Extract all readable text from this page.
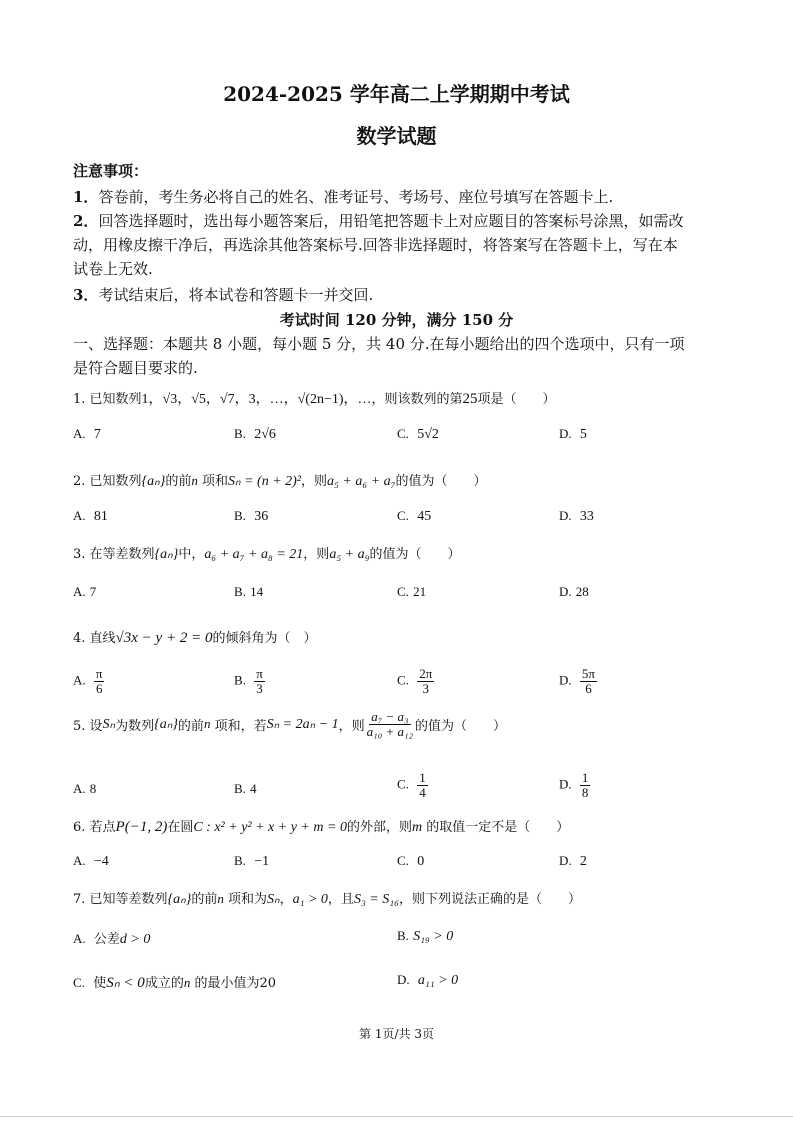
2024-2025 学年高二上学期期中考试
数学试题
注意事项：
1．答卷前，考生务必将自己的姓名、准考证号、考场号、座位号填写在答题卡上.
2．回答选择题时，选出每小题答案后，用铅笔把答题卡上对应题目的答案标号涂黑，如需改
动，用橡皮擦干净后，再选涂其他答案标号.回答非选择题时，将答案写在答题卡上，写在本
试卷上无效.
3．考试结束后，将本试卷和答题卡一并交回.
考试时间 120 分钟，满分 150 分
一、选择题：本题共 8 小题，每小题 5 分，共 40 分.在每小题给出的四个选项中，只有一项
是符合题目要求的.
1. 已知数列1，√3，√5，√7，3，…，√(2n−1)，…，则该数列的第25项是（　　）
A. 7	B. 2√6	C. 5√2	D. 5
2. 已知数列{aₙ}的前n 项和Sₙ = (n + 2)²，则a₅ + a₆ + a₇的值为（　　）
A. 81	B. 36	C. 45	D. 33
3. 在等差数列{aₙ}中，a₆ + a₇ + a₈ = 21，则a₅ + a₉的值为（　　）
A. 7	B. 14	C. 21	D. 28
4. 直线√3x − y + 2 = 0的倾斜角为（　）
A. $\frac{\pi}{6}$	B. $\frac{\pi}{3}$	C. $\frac{2\pi}{3}$	D. $\frac{5\pi}{6}$
5. 设 Sₙ 为数列 {aₙ} 的前 n
项和，若 Sₙ = 2aₙ − 1 ，则 $\frac{\text{a₇ − a₃}}{\text{a₁₀ + a₁₂}}$ 的值为（　　）
A. 8	B. 4	C. $\frac{1}{4}$	D. $\frac{1}{8}$
6. 若点P(−1, 2)在圆C : x² + y² + x + y + m = 0的外部，则m 的取值一定不是（　　）
A. −4	B. −1	C. 0	D. 2
7. 已知等差数列{aₙ}的前n 项和为Sₙ，a₁ > 0，且S₃ = S₁₆，则下列说法正确的是（　　）
A. 公差d > 0	B. S₁₉ > 0
C. 使Sₙ < 0成立的n 的最小值为20	D. a₁₁ > 0
第 1页/共 3页
